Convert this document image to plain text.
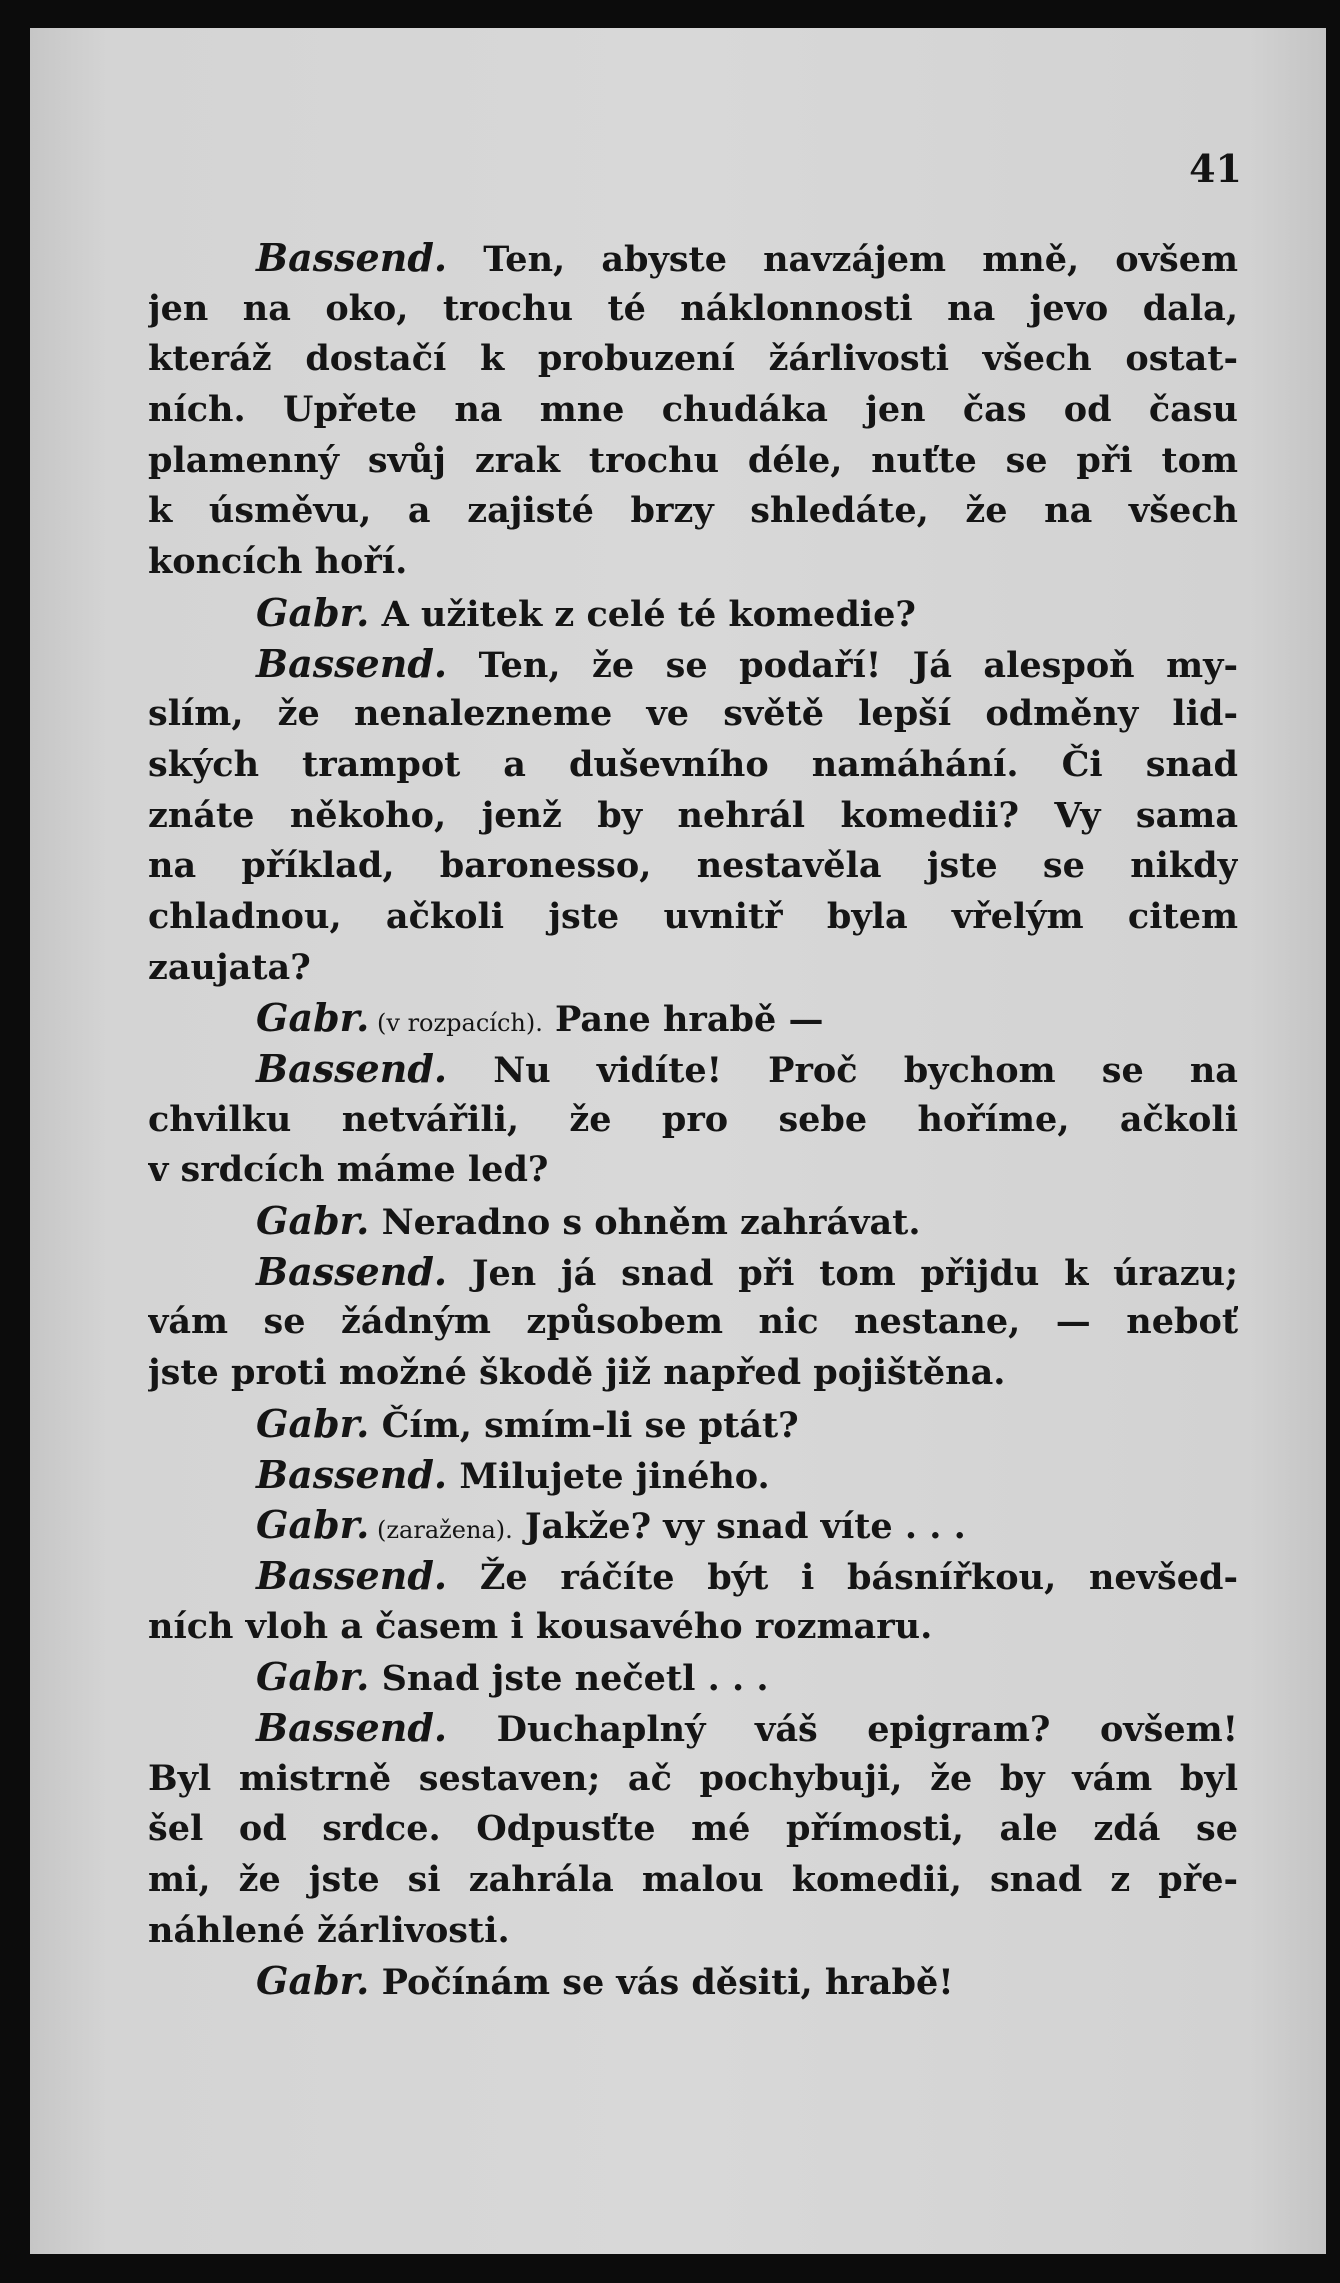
41
Bassend. Ten, abyste navzájem mně, ovšem
jen na oko, trochu té náklonnosti na jevo dala,
kteráž dostačí k probuzení žárlivosti všech ostat-
ních. Upřete na mne chudáka jen čas od času
plamenný svůj zrak trochu déle, nuťte se při tom
k úsměvu, a zajisté brzy shledáte, že na všech
koncích hoří.
Gabr. A užitek z celé té komedie?
Bassend. Ten, že se podaří! Já alespoň my-
slím, že nenalezneme ve světě lepší odměny lid-
ských trampot a duševního namáhání. Či snad
znáte někoho, jenž by nehrál komedii? Vy sama
na příklad, baronesso, nestavěla jste se nikdy
chladnou, ačkoli jste uvnitř byla vřelým citem
zaujata?
Gabr. (v rozpacích). Pane hrabě —
Bassend. Nu vidíte! Proč bychom se na
chvilku netvářili, že pro sebe hoříme, ačkoli
v srdcích máme led?
Gabr. Neradno s ohněm zahrávat.
Bassend. Jen já snad při tom přijdu k úrazu;
vám se žádným způsobem nic nestane, — neboť
jste proti možné škodě již napřed pojištěna.
Gabr. Čím, smím-li se ptát?
Bassend. Milujete jiného.
Gabr. (zaražena). Jakže? vy snad víte . . .
Bassend. Že ráčíte být i básnířkou, nevšed-
ních vloh a časem i kousavého rozmaru.
Gabr. Snad jste nečetl . . .
Bassend. Duchaplný váš epigram? ovšem!
Byl mistrně sestaven; ač pochybuji, že by vám byl
šel od srdce. Odpusťte mé přímosti, ale zdá se
mi, že jste si zahrála malou komedii, snad z pře-
náhlené žárlivosti.
Gabr. Počínám se vás děsiti, hrabě!
